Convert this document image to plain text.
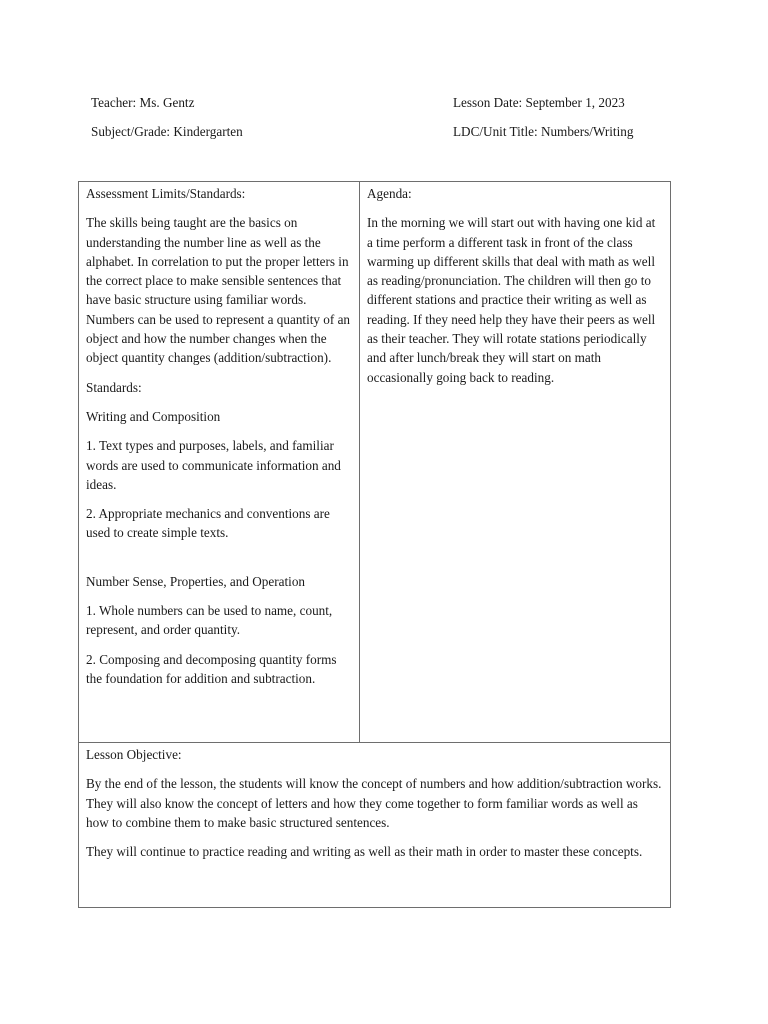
Teacher: Ms. Gentz	Lesson Date: September 1, 2023
Subject/Grade: Kindergarten	LDC/Unit Title: Numbers/Writing
Assessment Limits/Standards:
The skills being taught are the basics on understanding the number line as well as the alphabet. In correlation to put the proper letters in the correct place to make sensible sentences that have basic structure using familiar words. Numbers can be used to represent a quantity of an object and how the number changes when the object quantity changes (addition/subtraction).
Standards:
Writing and Composition
1. Text types and purposes, labels, and familiar words are used to communicate information and ideas.
2. Appropriate mechanics and conventions are used to create simple texts.
Number Sense, Properties, and Operation
1. Whole numbers can be used to name, count, represent, and order quantity.
2. Composing and decomposing quantity forms the foundation for addition and subtraction.

Agenda:
In the morning we will start out with having one kid at a time perform a different task in front of the class warming up different skills that deal with math as well as reading/pronunciation. The children will then go to different stations and practice their writing as well as reading. If they need help they have their peers as well as their teacher. They will rotate stations periodically and after lunch/break they will start on math occasionally going back to reading.

Lesson Objective:
By the end of the lesson, the students will know the concept of numbers and how addition/subtraction works. They will also know the concept of letters and how they come together to form familiar words as well as how to combine them to make basic structured sentences.
They will continue to practice reading and writing as well as their math in order to master these concepts.
